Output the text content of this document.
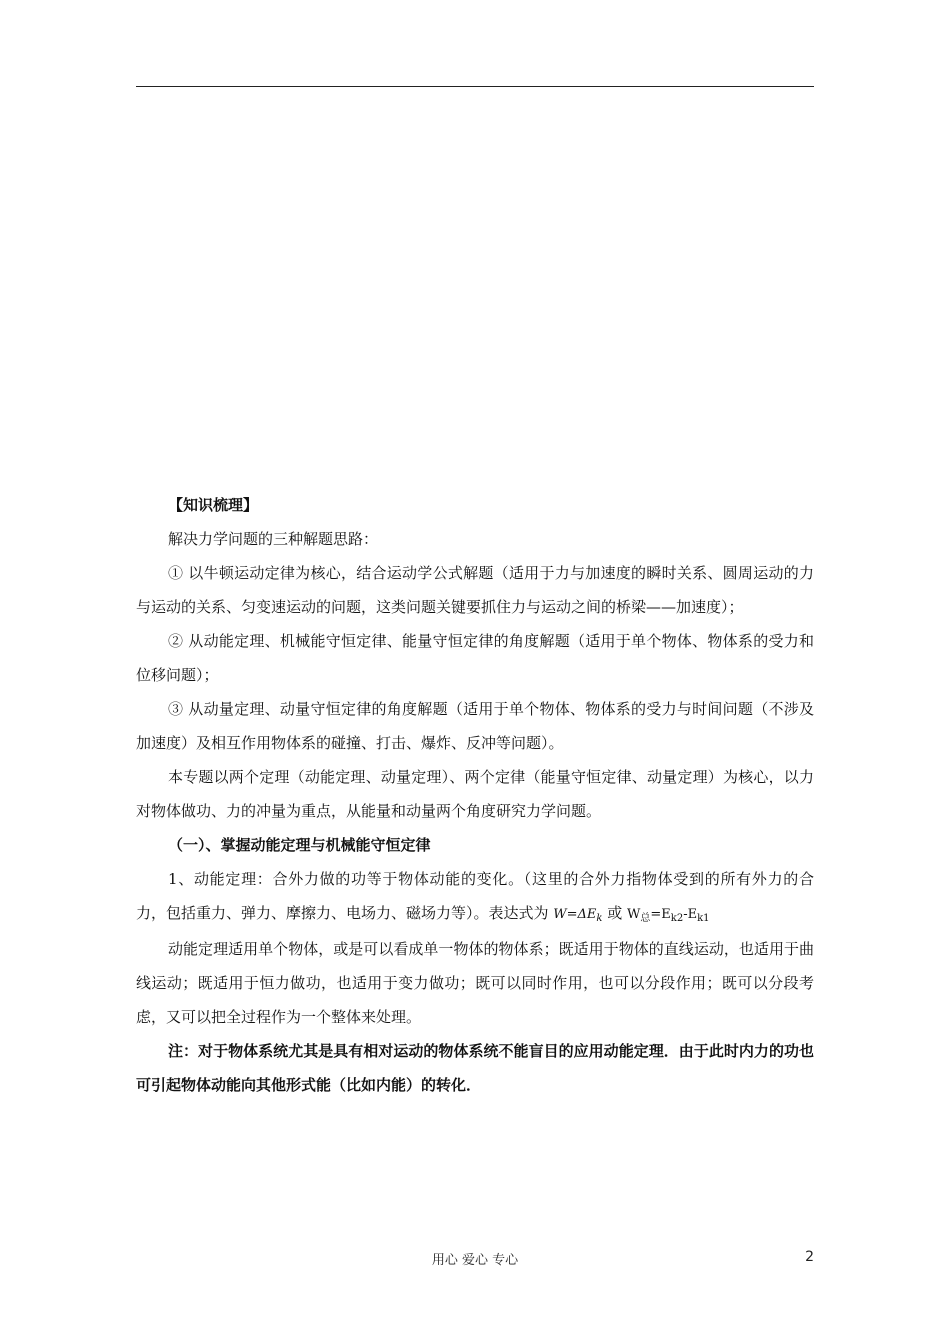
【知识梳理】

解决力学问题的三种解题思路：

① 以牛顿运动定律为核心，结合运动学公式解题（适用于力与加速度的瞬时关系、圆周运动的力与运动的关系、匀变速运动的问题，这类问题关键要抓住力与运动之间的桥梁——加速度）；

② 从动能定理、机械能守恒定律、能量守恒定律的角度解题（适用于单个物体、物体系的受力和位移问题）；

③ 从动量定理、动量守恒定律的角度解题（适用于单个物体、物体系的受力与时间问题（不涉及加速度）及相互作用物体系的碰撞、打击、爆炸、反冲等问题）。

本专题以两个定理（动能定理、动量定理）、两个定律（能量守恒定律、动量定理）为核心，以力对物体做功、力的冲量为重点，从能量和动量两个角度研究力学问题。

（一）、掌握动能定理与机械能守恒定律

1、动能定理：合外力做的功等于物体动能的变化。（这里的合外力指物体受到的所有外力的合力，包括重力、弹力、摩擦力、电场力、磁场力等）。表达式为 $W=\Delta E_k$ 或 $W_总=E_{k2}-E_{k1}$

动能定理适用单个物体，或是可以看成单一物体的物体系；既适用于物体的直线运动，也适用于曲线运动；既适用于恒力做功，也适用于变力做功；既可以同时作用，也可以分段作用；既可以分段考虑，又可以把全过程作为一个整体来处理。

注：对于物体系统尤其是具有相对运动的物体系统不能盲目的应用动能定理．由于此时内力的功也可引起物体动能向其他形式能（比如内能）的转化．

用心 爱心 专心	2
